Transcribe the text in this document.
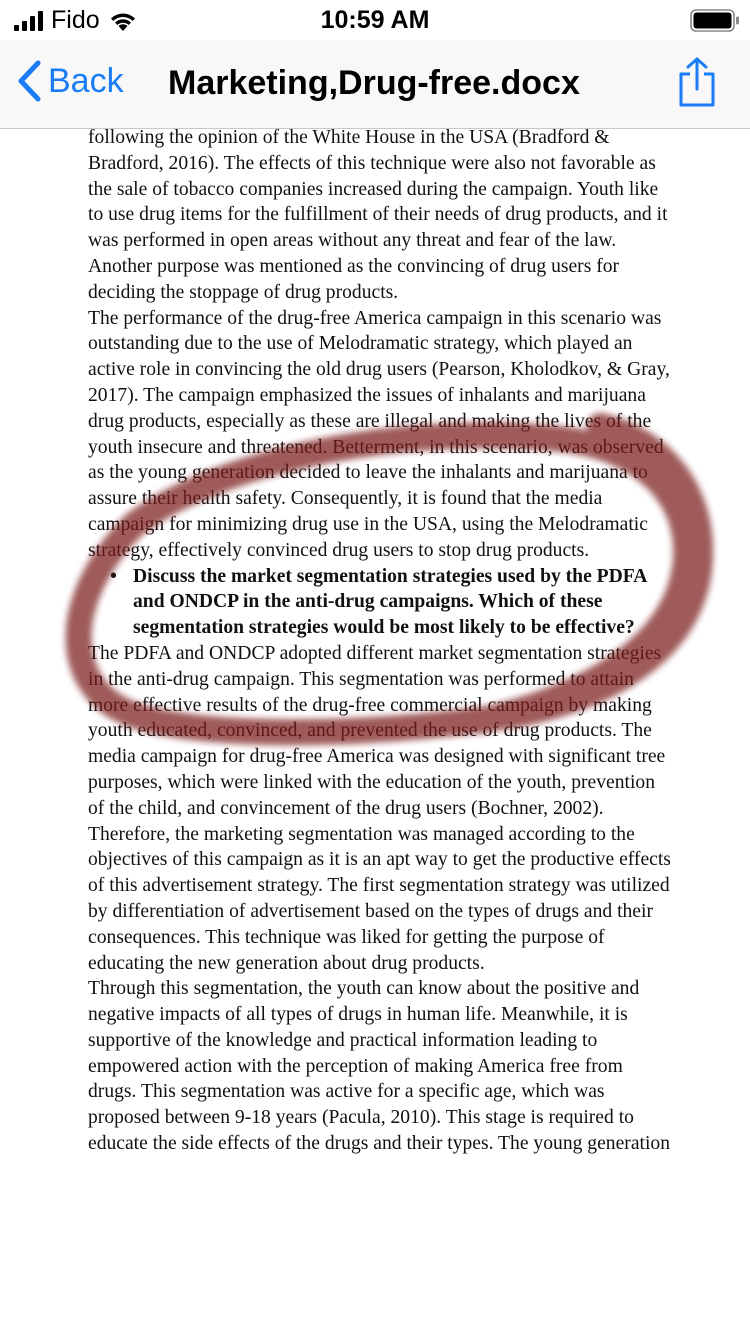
Fido	10:59 AM
Back Marketing,Drug-free.docx

following the opinion of the White House in the USA (Bradford & Bradford, 2016). The effects of this technique were also not favorable as the sale of tobacco companies increased during the campaign. Youth like to use drug items for the fulfillment of their needs of drug products, and it was performed in open areas without any threat and fear of the law. Another purpose was mentioned as the convincing of drug users for deciding the stoppage of drug products.

The performance of the drug-free America campaign in this scenario was outstanding due to the use of Melodramatic strategy, which played an active role in convincing the old drug users (Pearson, Kholodkov, & Gray, 2017). The campaign emphasized the issues of inhalants and marijuana drug products, especially as these are illegal and making the lives of the youth insecure and threatened. Betterment, in this scenario, was observed as the young generation decided to leave the inhalants and marijuana to assure their health safety. Consequently, it is found that the media campaign for minimizing drug use in the USA, using the Melodramatic strategy, effectively convinced drug users to stop drug products.

• Discuss the market segmentation strategies used by the PDFA and ONDCP in the anti-drug campaigns. Which of these segmentation strategies would be most likely to be effective?

The PDFA and ONDCP adopted different market segmentation strategies in the anti-drug campaign. This segmentation was performed to attain more effective results of the drug-free commercial campaign by making youth educated, convinced, and prevented the use of drug products. The media campaign for drug-free America was designed with significant tree purposes, which were linked with the education of the youth, prevention of the child, and convincement of the drug users (Bochner, 2002). Therefore, the marketing segmentation was managed according to the objectives of this campaign as it is an apt way to get the productive effects of this advertisement strategy. The first segmentation strategy was utilized by differentiation of advertisement based on the types of drugs and their consequences. This technique was liked for getting the purpose of educating the new generation about drug products.

Through this segmentation, the youth can know about the positive and negative impacts of all types of drugs in human life. Meanwhile, it is supportive of the knowledge and practical information leading to empowered action with the perception of making America free from drugs. This segmentation was active for a specific age, which was proposed between 9-18 years (Pacula, 2010). This stage is required to educate the side effects of the drugs and their types. The young generation
